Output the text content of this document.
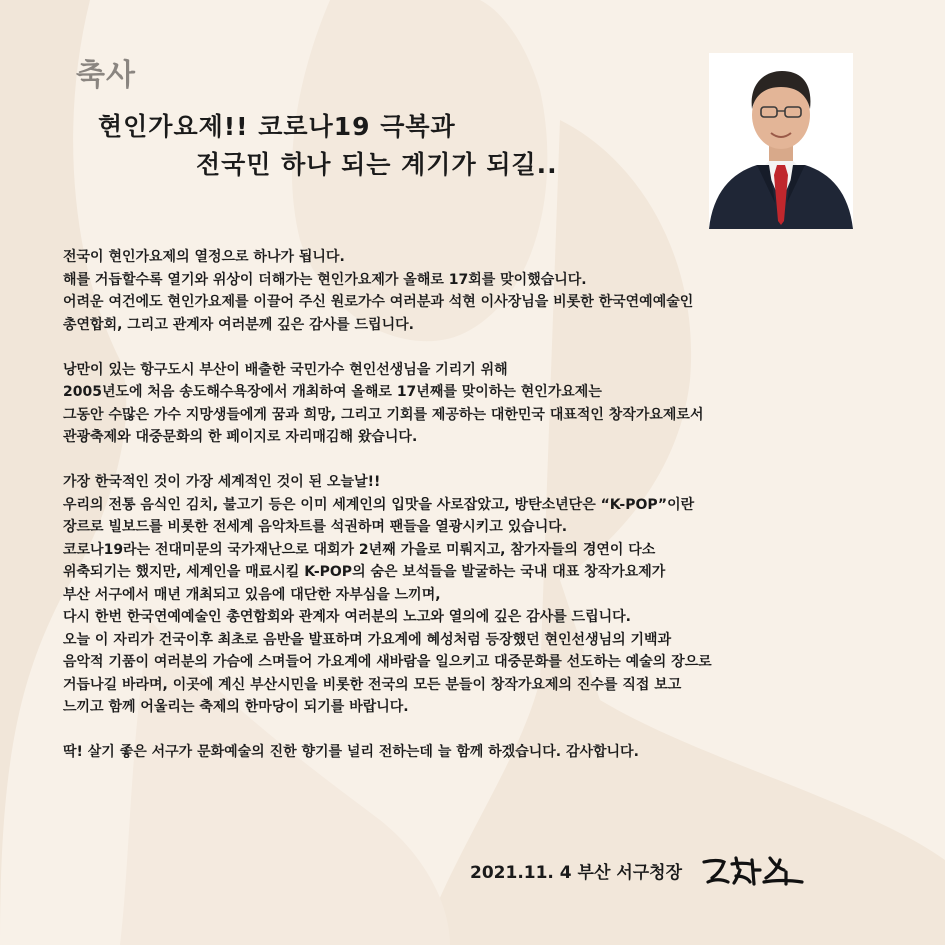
축사
현인가요제!! 코로나19 극복과
전국민 하나 되는 계기가 되길..

전국이 현인가요제의 열정으로 하나가 됩니다.
해를 거듭할수록 열기와 위상이 더해가는 현인가요제가 올해로 17회를 맞이했습니다.
어려운 여건에도 현인가요제를 이끌어 주신 원로가수 여러분과 석현 이사장님을 비롯한 한국연예예술인
총연합회, 그리고 관계자 여러분께 깊은 감사를 드립니다.

낭만이 있는 항구도시 부산이 배출한 국민가수 현인선생님을 기리기 위해
2005년도에 처음 송도해수욕장에서 개최하여 올해로 17년째를 맞이하는 현인가요제는
그동안 수많은 가수 지망생들에게 꿈과 희망, 그리고 기회를 제공하는 대한민국 대표적인 창작가요제로서
관광축제와 대중문화의 한 페이지로 자리매김해 왔습니다.

가장 한국적인 것이 가장 세계적인 것이 된 오늘날!!
우리의 전통 음식인 김치, 불고기 등은 이미 세계인의 입맛을 사로잡았고, 방탄소년단은 “K-POP”이란
장르로 빌보드를 비롯한 전세계 음악차트를 석권하며 팬들을 열광시키고 있습니다.
코로나19라는 전대미문의 국가재난으로 대회가 2년째 가을로 미뤄지고, 참가자들의 경연이 다소
위축되기는 했지만, 세계인을 매료시킬 K-POP의 숨은 보석들을 발굴하는 국내 대표 창작가요제가
부산 서구에서 매년 개최되고 있음에 대단한 자부심을 느끼며,
다시 한번 한국연예예술인 총연합회와 관계자 여러분의 노고와 열의에 깊은 감사를 드립니다.
오늘 이 자리가 건국이후 최초로 음반을 발표하며 가요계에 혜성처럼 등장했던 현인선생님의 기백과
음악적 기품이 여러분의 가슴에 스며들어 가요계에 새바람을 일으키고 대중문화를 선도하는 예술의 장으로
거듭나길 바라며, 이곳에 계신 부산시민을 비롯한 전국의 모든 분들이 창작가요제의 진수를 직접 보고
느끼고 함께 어울리는 축제의 한마당이 되기를 바랍니다.

딱! 살기 좋은 서구가 문화예술의 진한 향기를 널리 전하는데 늘 함께 하겠습니다. 감사합니다.

2021.11. 4 부산 서구청장
